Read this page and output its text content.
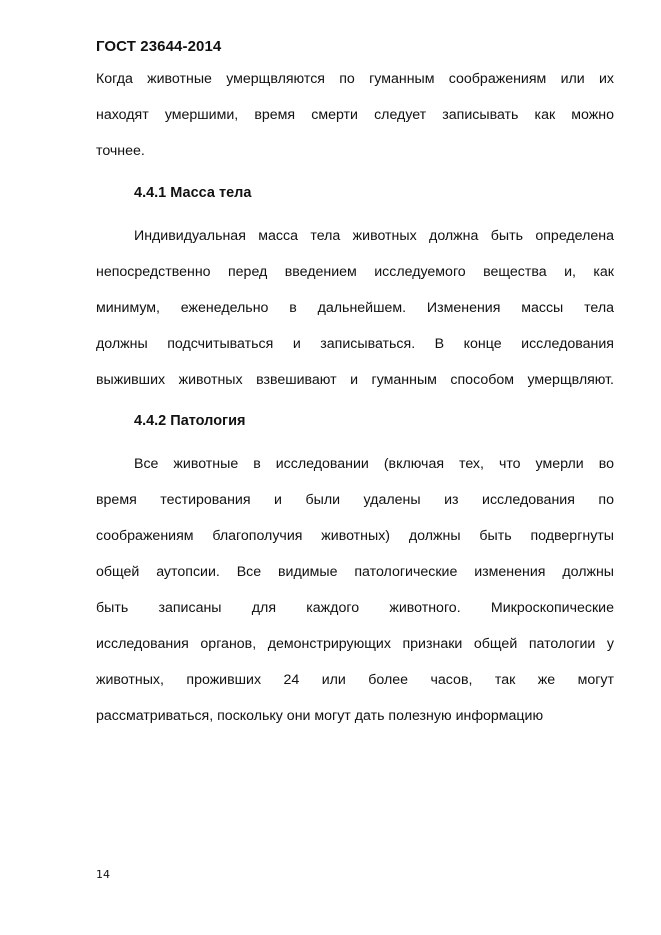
ГОСТ 23644-2014
Когда животные умерщвляются по гуманным соображениям или их
находят умершими, время смерти следует записывать как можно
точнее.
4.4.1 Масса тела
Индивидуальная масса тела животных должна быть определена
непосредственно перед введением исследуемого вещества и, как
минимум, еженедельно в дальнейшем. Изменения массы тела
должны подсчитываться и записываться. В конце исследования
выживших животных взвешивают и гуманным способом умерщвляют.
4.4.2 Патология
Все животные в исследовании (включая тех, что умерли во
время тестирования и были удалены из исследования по
соображениям благополучия животных) должны быть подвергнуты
общей аутопсии. Все видимые патологические изменения должны
быть записаны для каждого животного. Микроскопические
исследования органов, демонстрирующих признаки общей патологии у
животных, проживших 24 или более часов, так же могут
рассматриваться, поскольку они могут дать полезную информацию
14
